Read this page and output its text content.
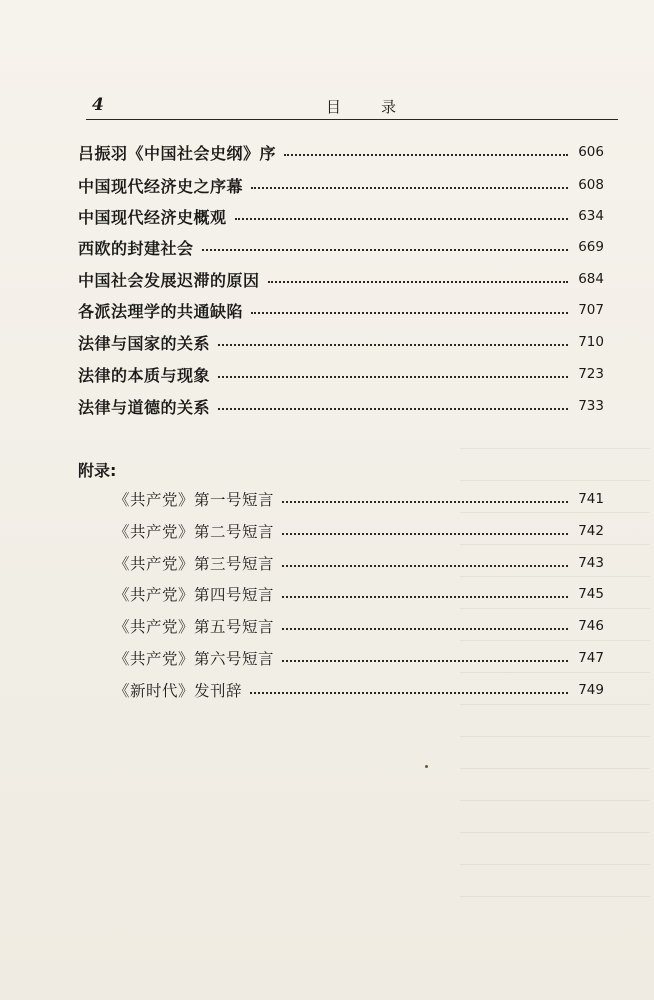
4	目录
吕振羽《中国社会史纲》序	606
中国现代经济史之序幕	608
中国现代经济史概观	634
西欧的封建社会	669
中国社会发展迟滞的原因	684
各派法理学的共通缺陷	707
法律与国家的关系	710
法律的本质与现象	723
法律与道德的关系	733
附录:
《共产党》第一号短言	741
《共产党》第二号短言	742
《共产党》第三号短言	743
《共产党》第四号短言	745
《共产党》第五号短言	746
《共产党》第六号短言	747
《新时代》发刊辞	749
